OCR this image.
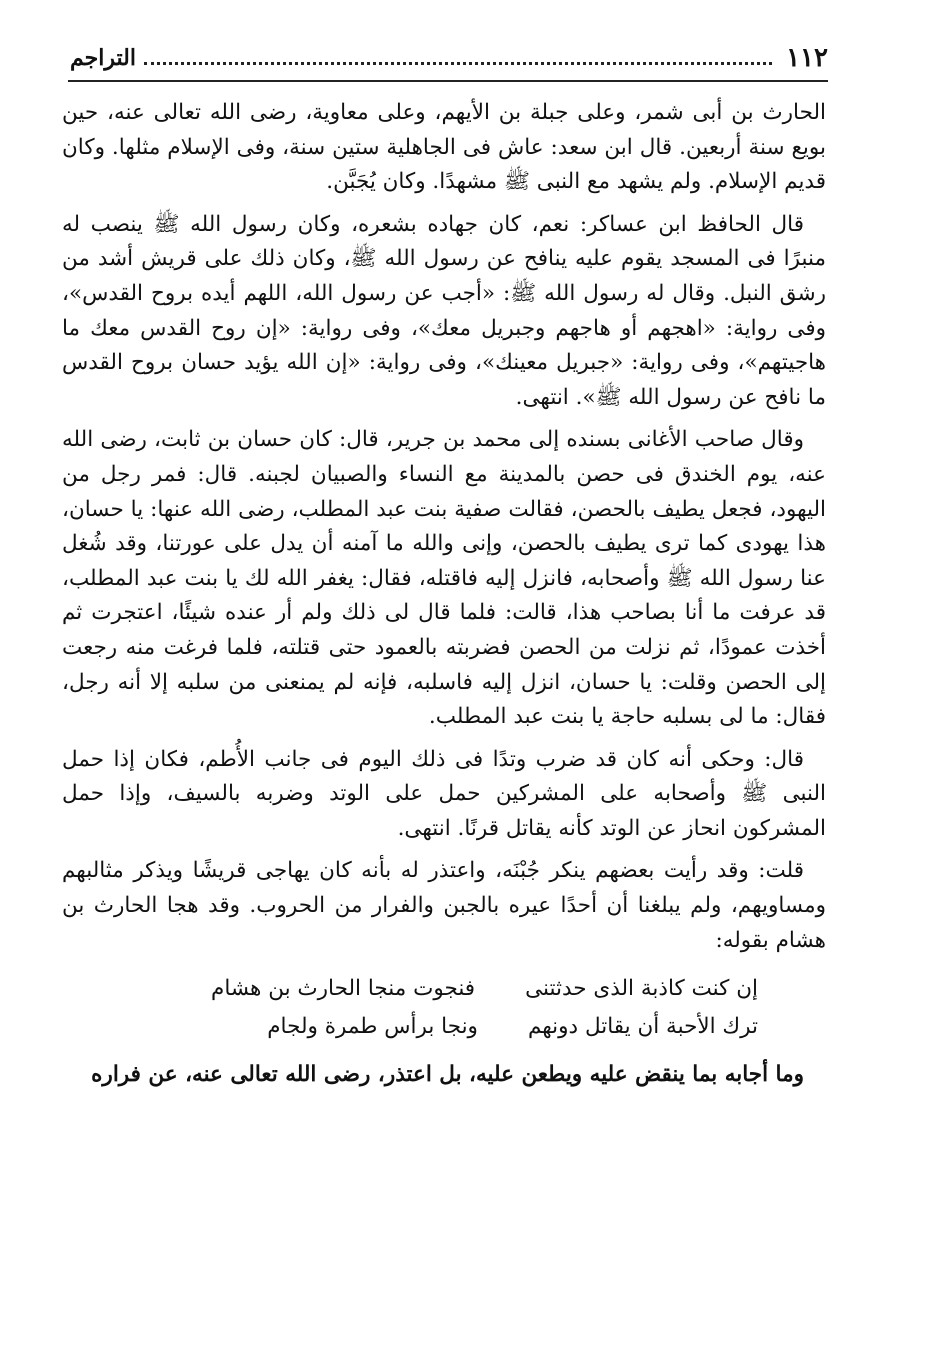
١١٢
التراجم

الحارث بن أبى شمر، وعلى جبلة بن الأيهم، وعلى معاوية، رضى الله تعالى عنه، حين بويع سنة أربعين. قال ابن سعد: عاش فى الجاهلية ستين سنة، وفى الإسلام مثلها. وكان قديم الإسلام. ولم يشهد مع النبى ﷺ مشهدًا. وكان يُجَبَّن.

قال الحافظ ابن عساكر: نعم، كان جهاده بشعره، وكان رسول الله ﷺ ينصب له منبرًا فى المسجد يقوم عليه ينافح عن رسول الله ﷺ، وكان ذلك على قريش أشد من رشق النبل. وقال له رسول الله ﷺ: «أجب عن رسول الله، اللهم أيده بروح القدس»، وفى رواية: «اهجهم أو هاجهم وجبريل معك»، وفى رواية: «إن روح القدس معك ما هاجيتهم»، وفى رواية: «جبريل معينك»، وفى رواية: «إن الله يؤيد حسان بروح القدس ما نافح عن رسول الله ﷺ». انتهى.

وقال صاحب الأغانى بسنده إلى محمد بن جرير، قال: كان حسان بن ثابت، رضى الله عنه، يوم الخندق فى حصن بالمدينة مع النساء والصبيان لجبنه. قال: فمر رجل من اليهود، فجعل يطيف بالحصن، فقالت صفية بنت عبد المطلب، رضى الله عنها: يا حسان، هذا يهودى كما ترى يطيف بالحصن، وإنى والله ما آمنه أن يدل على عورتنا، وقد شُغل عنا رسول الله ﷺ وأصحابه، فانزل إليه فاقتله، فقال: يغفر الله لك يا بنت عبد المطلب، قد عرفت ما أنا بصاحب هذا، قالت: فلما قال لى ذلك ولم أر عنده شيئًا، اعتجرت ثم أخذت عمودًا، ثم نزلت من الحصن فضربته بالعمود حتى قتلته، فلما فرغت منه رجعت إلى الحصن وقلت: يا حسان، انزل إليه فاسلبه، فإنه لم يمنعنى من سلبه إلا أنه رجل، فقال: ما لى بسلبه حاجة يا بنت عبد المطلب.

قال: وحكى أنه كان قد ضرب وتدًا فى ذلك اليوم فى جانب الأُطم، فكان إذا حمل النبى ﷺ وأصحابه على المشركين حمل على الوتد وضربه بالسيف، وإذا حمل المشركون انحاز عن الوتد كأنه يقاتل قرنًا. انتهى.

قلت: وقد رأيت بعضهم ينكر جُبْنَه، واعتذر له بأنه كان يهاجى قريشًا ويذكر مثالبهم ومساويهم، ولم يبلغنا أن أحدًا عيره بالجبن والفرار من الحروب. وقد هجا الحارث بن هشام بقوله:

إن كنت كاذبة الذى حدثتنى
فنجوت منجا الحارث بن هشام
ترك الأحبة أن يقاتل دونهم
ونجا برأس طمرة ولجام

وما أجابه بما ينقض عليه ويطعن عليه، بل اعتذر، رضى الله تعالى عنه، عن فراره
